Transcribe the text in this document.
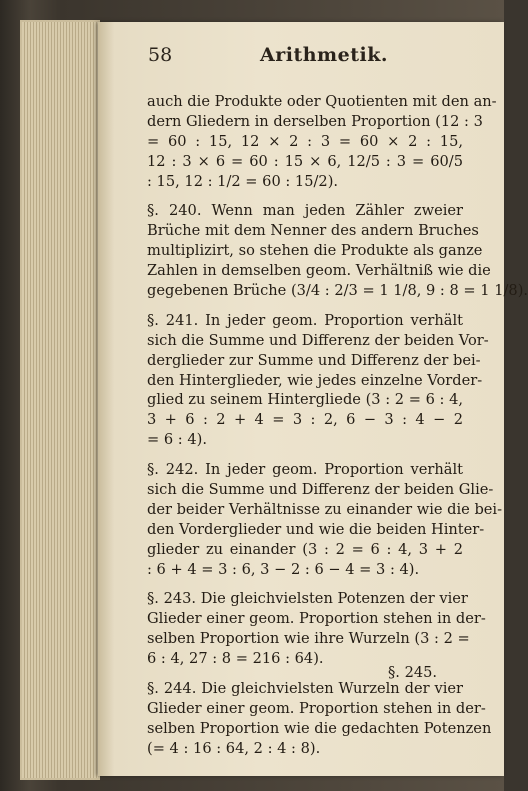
58	Arithmetik.
auch die Produkte oder Quotienten mit den an-
dern Gliedern in derselben Proportion (12 : 3
= 60 : 15, 12 × 2 : 3 = 60 × 2 : 15,
12 : 3 × 6 = 60 : 15 × 6, 12/5 : 3 = 60/5
: 15, 12 : 1/2 = 60 : 15/2).
§. 240. Wenn man jeden Zähler zweier
Brüche mit dem Nenner des andern Bruches
multiplizirt, so stehen die Produkte als ganze
Zahlen in demselben geom. Verhältniß wie die
gegebenen Brüche (3/4 : 2/3 = 1 1/8, 9 : 8 = 1 1/8).
§. 241. In jeder geom. Proportion verhält
sich die Summe und Differenz der beiden Vor-
derglieder zur Summe und Differenz der bei-
den Hinterglieder, wie jedes einzelne Vorder-
glied zu seinem Hintergliede (3 : 2 = 6 : 4,
3 + 6 : 2 + 4 = 3 : 2, 6 − 3 : 4 − 2
= 6 : 4).
§. 242. In jeder geom. Proportion verhält
sich die Summe und Differenz der beiden Glie-
der beider Verhältnisse zu einander wie die bei-
den Vorderglieder und wie die beiden Hinter-
glieder zu einander (3 : 2 = 6 : 4, 3 + 2
: 6 + 4 = 3 : 6, 3 − 2 : 6 − 4 = 3 : 4).
§. 243. Die gleichvielsten Potenzen der vier
Glieder einer geom. Proportion stehen in der-
selben Proportion wie ihre Wurzeln (3 : 2 =
6 : 4, 27 : 8 = 216 : 64).
§. 244. Die gleichvielsten Wurzeln der vier
Glieder einer geom. Proportion stehen in der-
selben Proportion wie die gedachten Potenzen
(= 4 : 16 : 64, 2 : 4 : 8).
§. 245.
